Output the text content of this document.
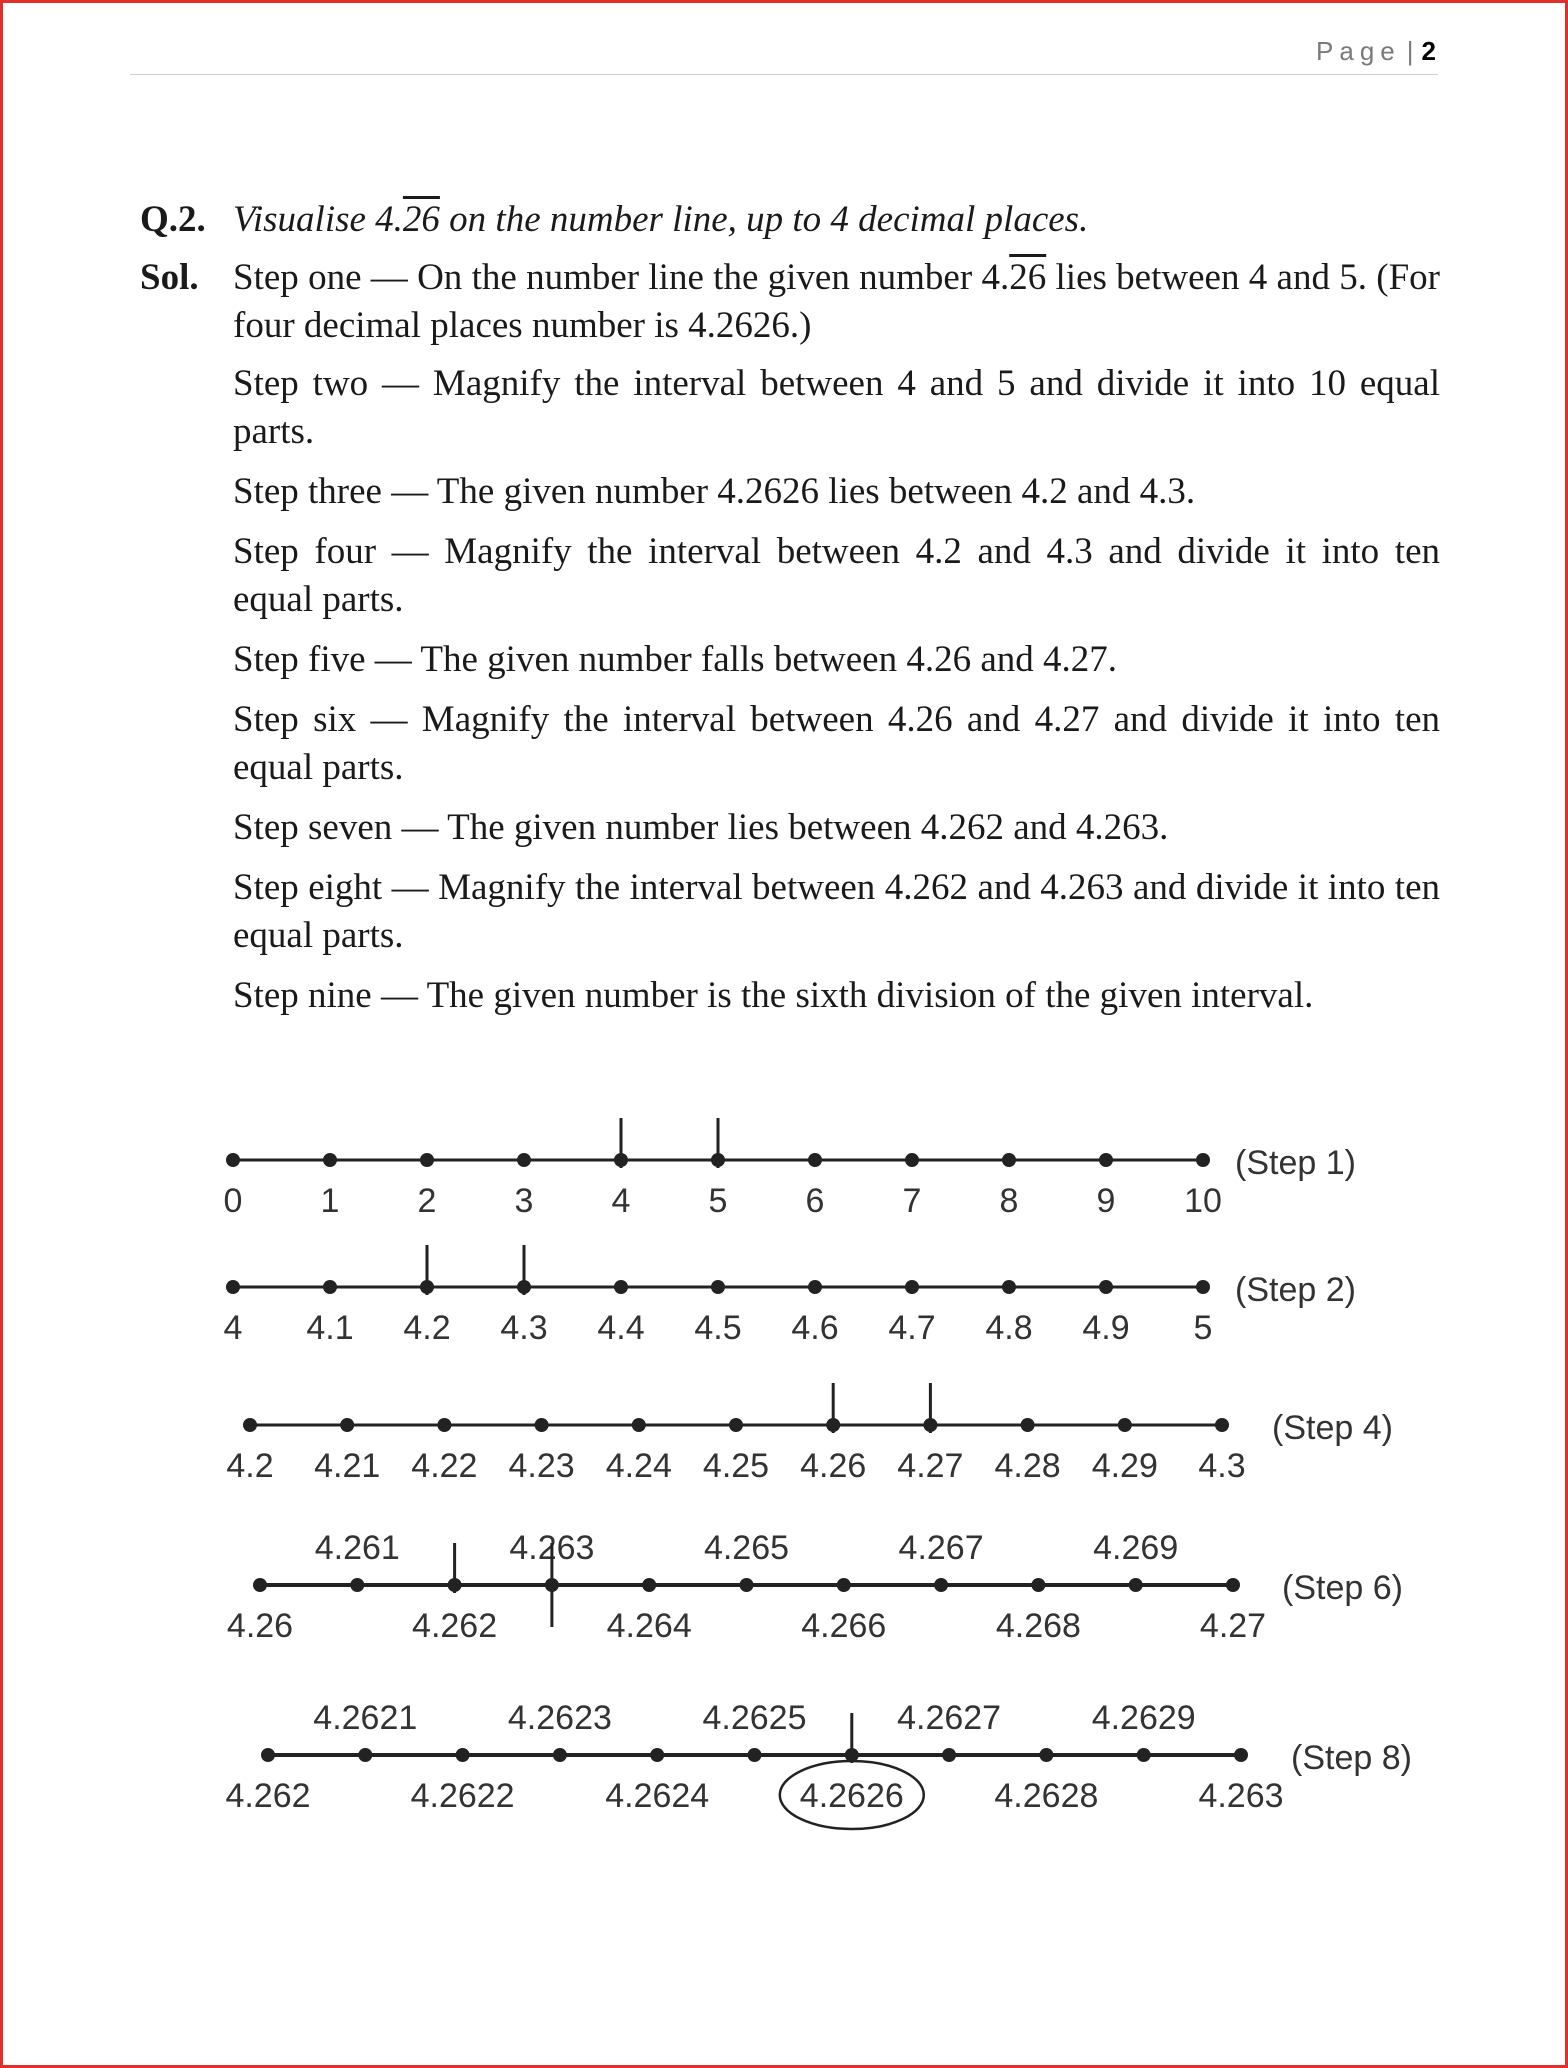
Page | 2
Q.2. Visualise 4.26 on the number line, up to 4 decimal places.
Sol. Step one — On the number line the given number 4.26 lies between 4 and 5. (For four decimal places number is 4.2626.)
Step two — Magnify the interval between 4 and 5 and divide it into 10 equal parts.
Step three — The given number 4.2626 lies between 4.2 and 4.3.
Step four — Magnify the interval between 4.2 and 4.3 and divide it into ten equal parts.
Step five — The given number falls between 4.26 and 4.27.
Step six — Magnify the interval between 4.26 and 4.27 and divide it into ten equal parts.
Step seven — The given number lies between 4.262 and 4.263.
Step eight — Magnify the interval between 4.262 and 4.263 and divide it into ten equal parts.
Step nine — The given number is the sixth division of the given interval.
0 1 2 3 4 5 6 7 8 9 10
(Step 1)
4 4.1 4.2 4.3 4.4 4.5 4.6 4.7 4.8 4.9 5
(Step 2)
4.2 4.21 4.22 4.23 4.24 4.25 4.26 4.27 4.28 4.29 4.3
(Step 4)
4.26
4.261
4.262
4.263
4.264
4.265
4.266
4.267
4.268
4.269
4.27
(Step 6)
4.262
4.2621
4.2622
4.2623
4.2624
4.2625
4.2626
4.2627
4.2628
4.2629
4.263
(Step 8)
